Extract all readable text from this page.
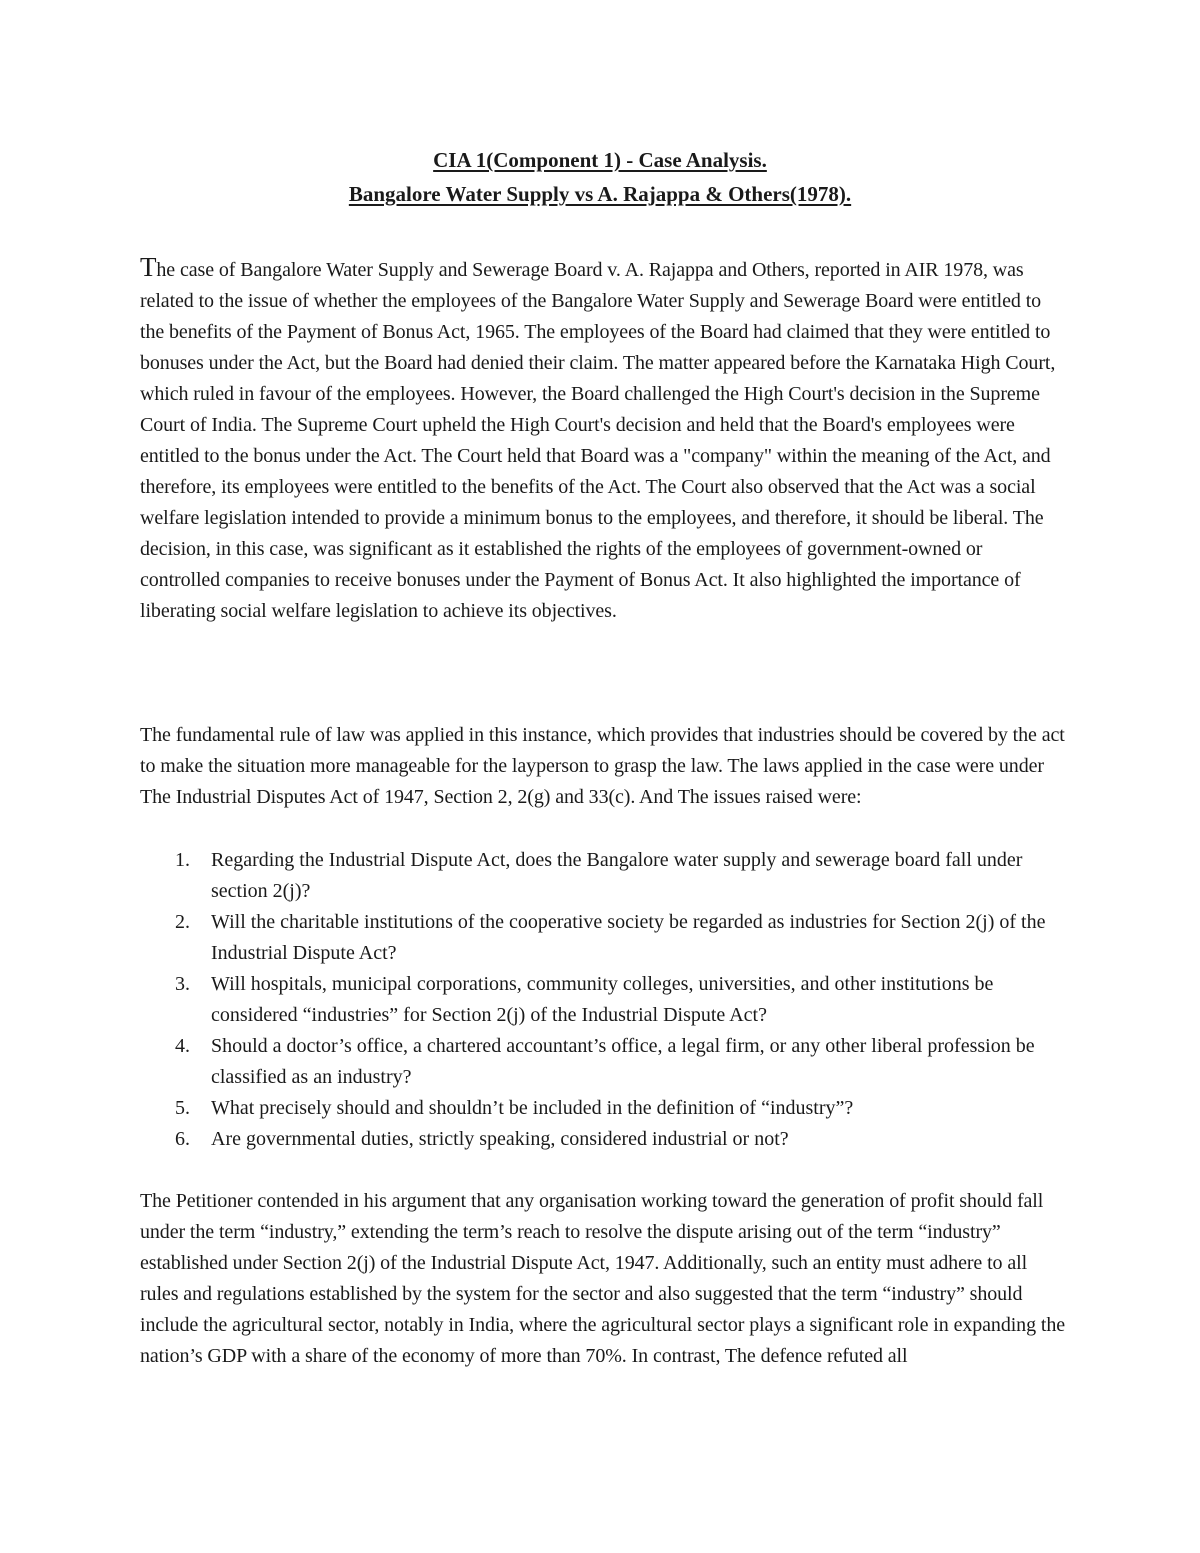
CIA 1(Component 1) - Case Analysis.
Bangalore Water Supply vs A. Rajappa & Others(1978).

The case of Bangalore Water Supply and Sewerage Board v. A. Rajappa and Others, reported in AIR 1978, was related to the issue of whether the employees of the Bangalore Water Supply and Sewerage Board were entitled to the benefits of the Payment of Bonus Act, 1965. The employees of the Board had claimed that they were entitled to bonuses under the Act, but the Board had denied their claim. The matter appeared before the Karnataka High Court, which ruled in favour of the employees. However, the Board challenged the High Court's decision in the Supreme Court of India. The Supreme Court upheld the High Court's decision and held that the Board's employees were entitled to the bonus under the Act. The Court held that Board was a "company" within the meaning of the Act, and therefore, its employees were entitled to the benefits of the Act. The Court also observed that the Act was a social welfare legislation intended to provide a minimum bonus to the employees, and therefore, it should be liberal. The decision, in this case, was significant as it established the rights of the employees of government-owned or controlled companies to receive bonuses under the Payment of Bonus Act. It also highlighted the importance of liberating social welfare legislation to achieve its objectives.

The fundamental rule of law was applied in this instance, which provides that industries should be covered by the act to make the situation more manageable for the layperson to grasp the law. The laws applied in the case were under The Industrial Disputes Act of 1947, Section 2, 2(g) and 33(c). And The issues raised were:

1. Regarding the Industrial Dispute Act, does the Bangalore water supply and sewerage board fall under section 2(j)?
2. Will the charitable institutions of the cooperative society be regarded as industries for Section 2(j) of the Industrial Dispute Act?
3. Will hospitals, municipal corporations, community colleges, universities, and other institutions be considered “industries” for Section 2(j) of the Industrial Dispute Act?
4. Should a doctor’s office, a chartered accountant’s office, a legal firm, or any other liberal profession be classified as an industry?
5. What precisely should and shouldn’t be included in the definition of “industry”?
6. Are governmental duties, strictly speaking, considered industrial or not?

The Petitioner contended in his argument that any organisation working toward the generation of profit should fall under the term “industry,” extending the term’s reach to resolve the dispute arising out of the term “industry” established under Section 2(j) of the Industrial Dispute Act, 1947. Additionally, such an entity must adhere to all rules and regulations established by the system for the sector and also suggested that the term “industry” should include the agricultural sector, notably in India, where the agricultural sector plays a significant role in expanding the nation’s GDP with a share of the economy of more than 70%. In contrast, The defence refuted all
